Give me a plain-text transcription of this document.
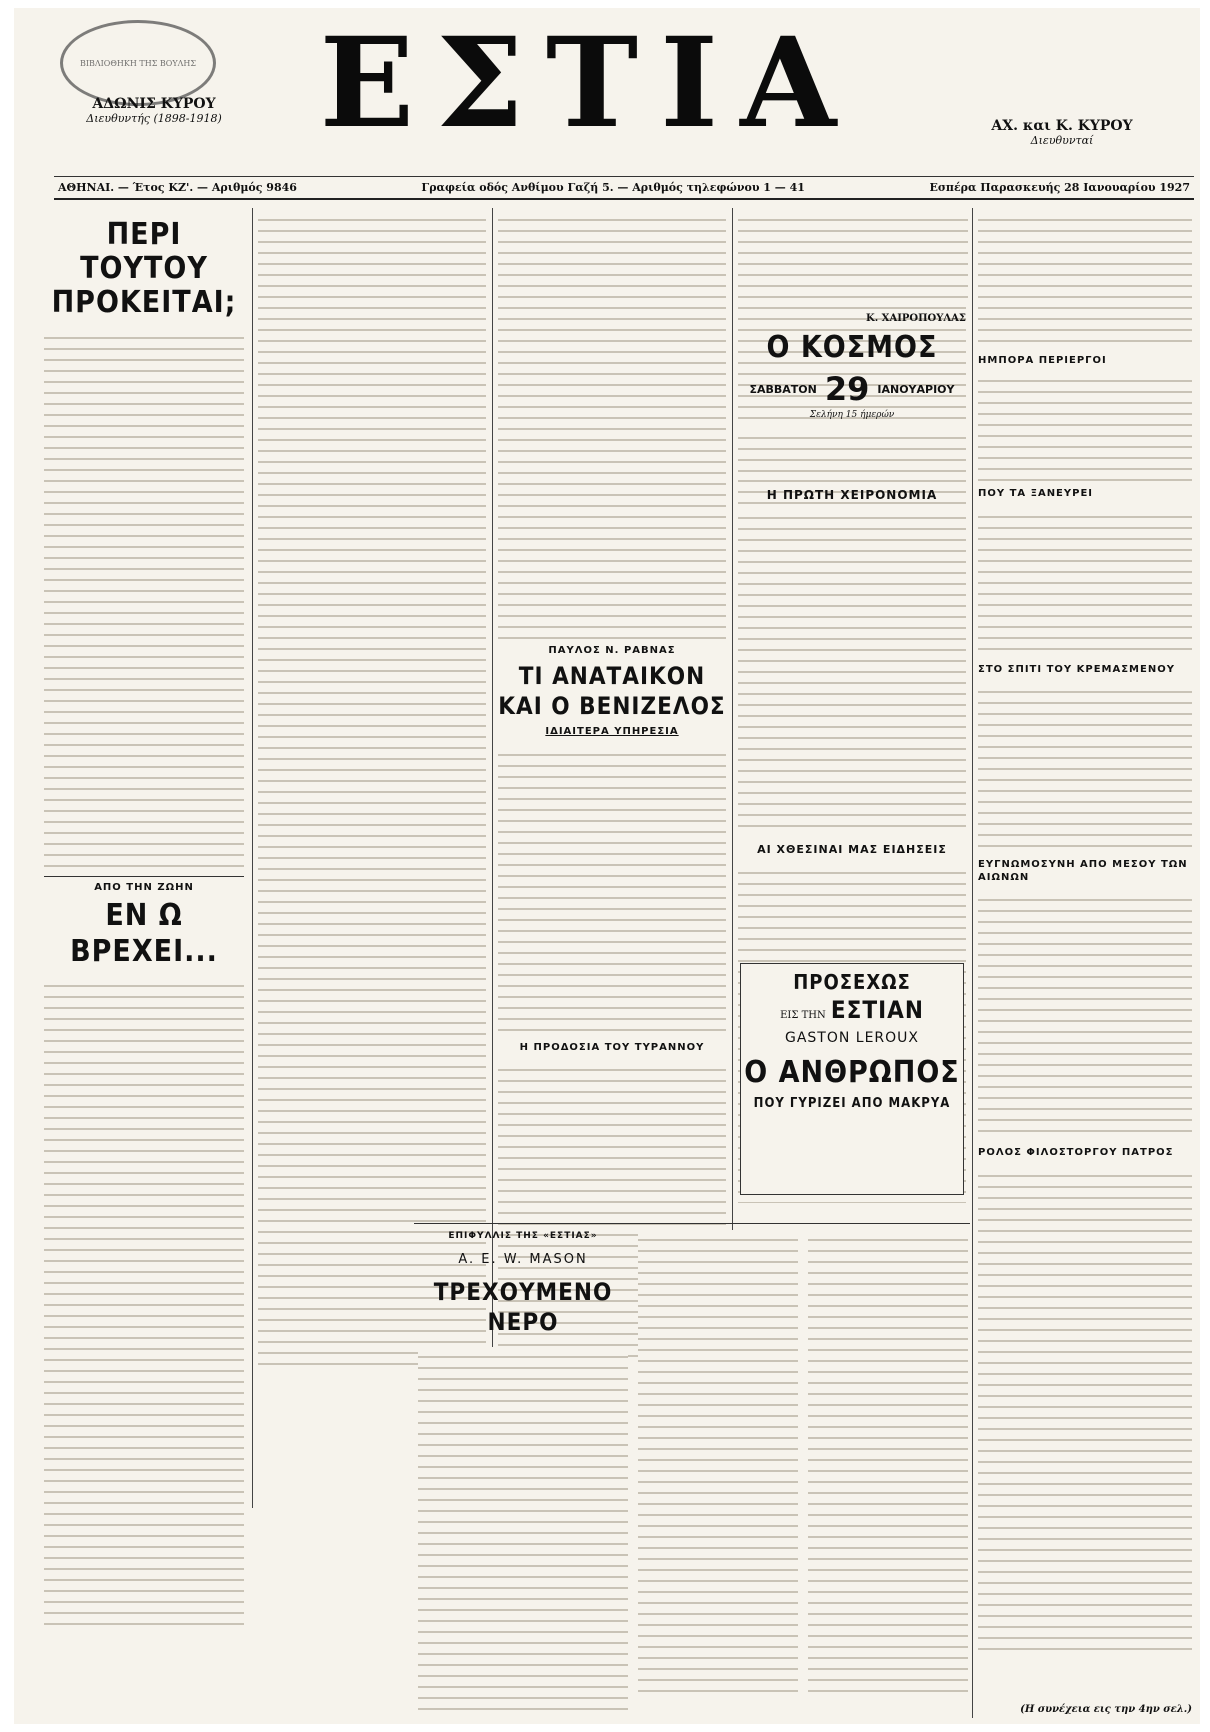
ΒΙΒΛΙΟΘΗΚΗ ΤΗΣ ΒΟΥΛΗΣ
ΑΔΩΝΙΣ ΚΥΡΟΥ
Διευθυντής (1898-1918) ΕΣΤΙΑ	ΑΧ. και Κ. ΚΥΡΟΥ
Διευθυνταί
ΑΘΗΝΑΙ. — Έτος ΚΖ'. — Αριθμός 9846	Γραφεία οδός Ανθίμου Γαζή 5. — Αριθμός τηλεφώνου 1 — 41	Εσπέρα Παρασκευής 28 Ιανουαρίου 1927
ΠΕΡΙ ΤΟΥΤΟΥ ΠΡΟΚΕΙΤΑΙ;
ΑΠΟ ΤΗΝ ΖΩΗΝ
ΕΝ Ω ΒΡΕΧΕΙ...
ΠΑΥΛΟΣ Ν. ΡΑΒΝΑΣ
ΤΙ ΑΝΑΤΑΙΚΟΝ ΚΑΙ Ο ΒΕΝΙΖΕΛΟΣ
ΙΔΙΑΙΤΕΡΑ ΥΠΗΡΕΣΙΑ
Η ΠΡΟΔΟΣΙΑ ΤΟΥ ΤΥΡΑΝΝΟΥ
Κ. ΧΑΙΡΟΠΟΥΛΑΣ
Ο ΚΟΣΜΟΣ
ΣΑΒΒΑΤΟΝ 29 ΙΑΝΟΥΑΡΙΟΥ
Σελήνη 15 ήμερών
Η ΠΡΩΤΗ ΧΕΙΡΟΝΟΜΙΑ
ΑΙ ΧΘΕΣΙΝΑΙ ΜΑΣ ΕΙΔΗΣΕΙΣ
ΠΡΟΣΕΧΩΣ
ΕΙΣ ΤΗΝ ΕΣΤΙΑΝ
GASTON LEROUX
Ο ΑΝΘΡΩΠΟΣ
ΠΟΥ ΓΥΡΙΖΕΙ ΑΠΟ ΜΑΚΡΥΑ
ΗΜΠΟΡΑ ΠΕΡΙΕΡΓΟΙ
ΠΟΥ ΤΑ ΞΑΝΕΥΡΕΙ
ΣΤΟ ΣΠΙΤΙ ΤΟΥ ΚΡΕΜΑΣΜΕΝΟΥ
ΕΥΓΝΩΜΟΣΥΝΗ ΑΠΟ ΜΕΣΟΥ ΤΩΝ ΑΙΩΝΩΝ
ΡΟΛΟΣ ΦΙΛΟΣΤΟΡΓΟΥ ΠΑΤΡΟΣ
ΕΠΙΦΥΛΛΙΣ ΤΗΣ «ΕΣΤΙΑΣ»
A. E. W. MASON
ΤΡΕΧΟΥΜΕΝΟ ΝΕΡΟ
(Η συνέχεια εις την 4ην σελ.)
